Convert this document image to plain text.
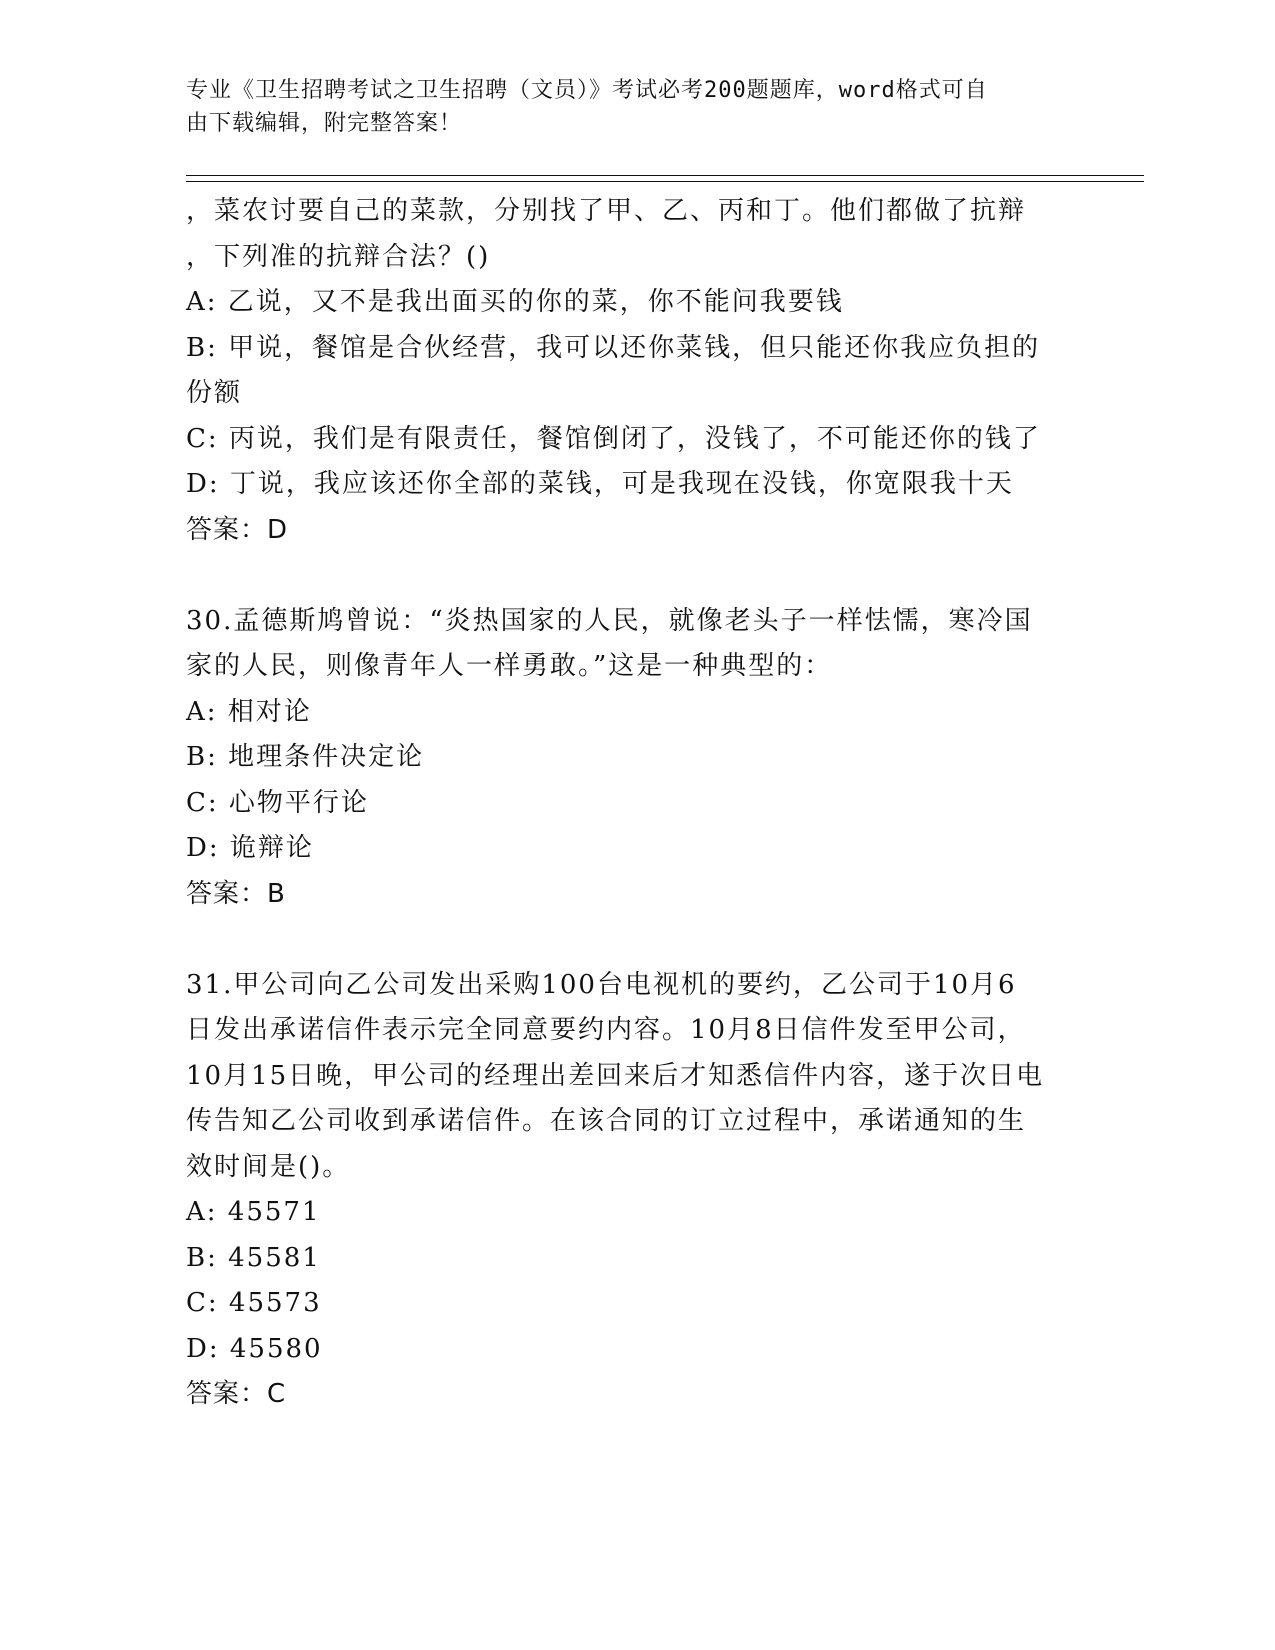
专业《卫生招聘考试之卫生招聘（文员）》考试必考200题题库，word格式可自
由下载编辑，附完整答案！
，菜农讨要自己的菜款，分别找了甲、乙、丙和丁。他们都做了抗辩
，下列准的抗辩合法？()
A: 乙说，又不是我出面买的你的菜，你不能问我要钱
B: 甲说，餐馆是合伙经营，我可以还你菜钱，但只能还你我应负担的
份额
C: 丙说，我们是有限责任，餐馆倒闭了，没钱了，不可能还你的钱了
D: 丁说，我应该还你全部的菜钱，可是我现在没钱，你宽限我十天
答案：D
30.孟德斯鸠曾说：“炎热国家的人民，就像老头子一样怯懦，寒冷国
家的人民，则像青年人一样勇敢。”这是一种典型的：
A: 相对论
B: 地理条件决定论
C: 心物平行论
D: 诡辩论
答案：B
31.甲公司向乙公司发出采购100台电视机的要约，乙公司于10月6
日发出承诺信件表示完全同意要约内容。10月8日信件发至甲公司，
10月15日晚，甲公司的经理出差回来后才知悉信件内容，遂于次日电
传告知乙公司收到承诺信件。在该合同的订立过程中，承诺通知的生
效时间是()。
A: 45571
B: 45581
C: 45573
D: 45580
答案：C
